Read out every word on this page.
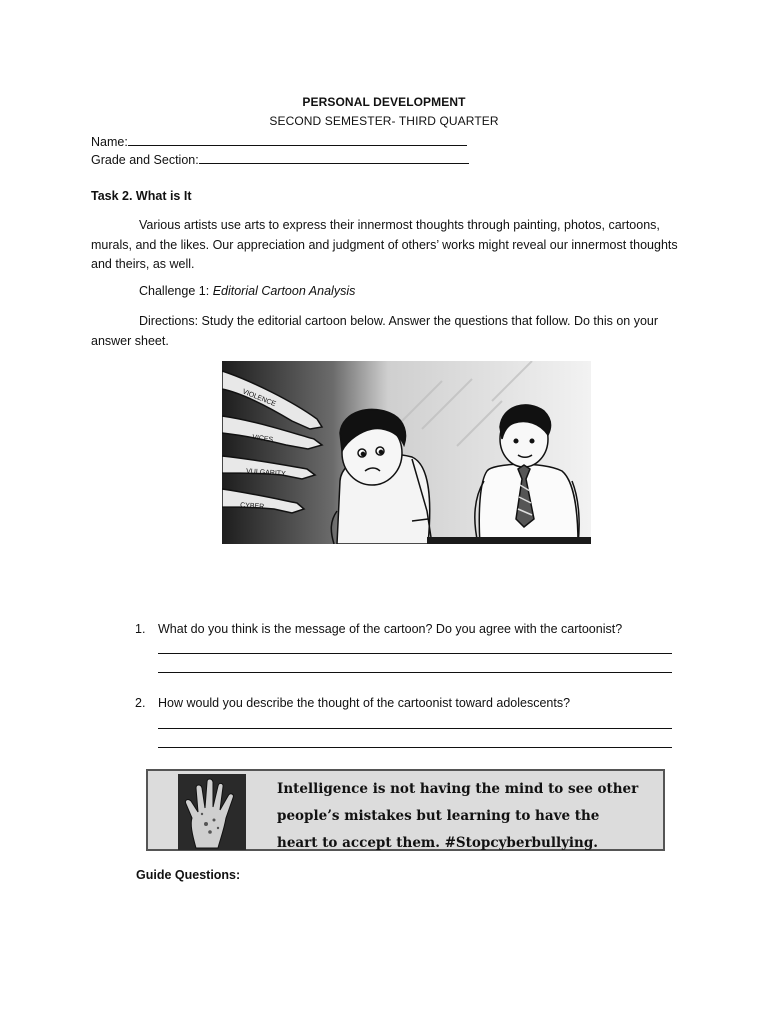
PERSONAL DEVELOPMENT
SECOND SEMESTER- THIRD QUARTER
Name:
Grade and Section:
Task 2. What is It
Various artists use arts to express their innermost thoughts through painting, photos, cartoons, murals, and the likes. Our appreciation and judgment of others’ works might reveal our innermost thoughts and theirs, as well.
Challenge 1: Editorial Cartoon Analysis
Directions: Study the editorial cartoon below. Answer the questions that follow. Do this on your answer sheet.
VIOLENCE
VICES
VULGARITY
CYBER
1. What do you think is the message of the cartoon? Do you agree with the cartoonist?
2. How would you describe the thought of the cartoonist toward adolescents?
Intelligence is not having the mind to see other
people’s mistakes but learning to have the
heart to accept them. #Stopcyberbullying.
Guide Questions:
